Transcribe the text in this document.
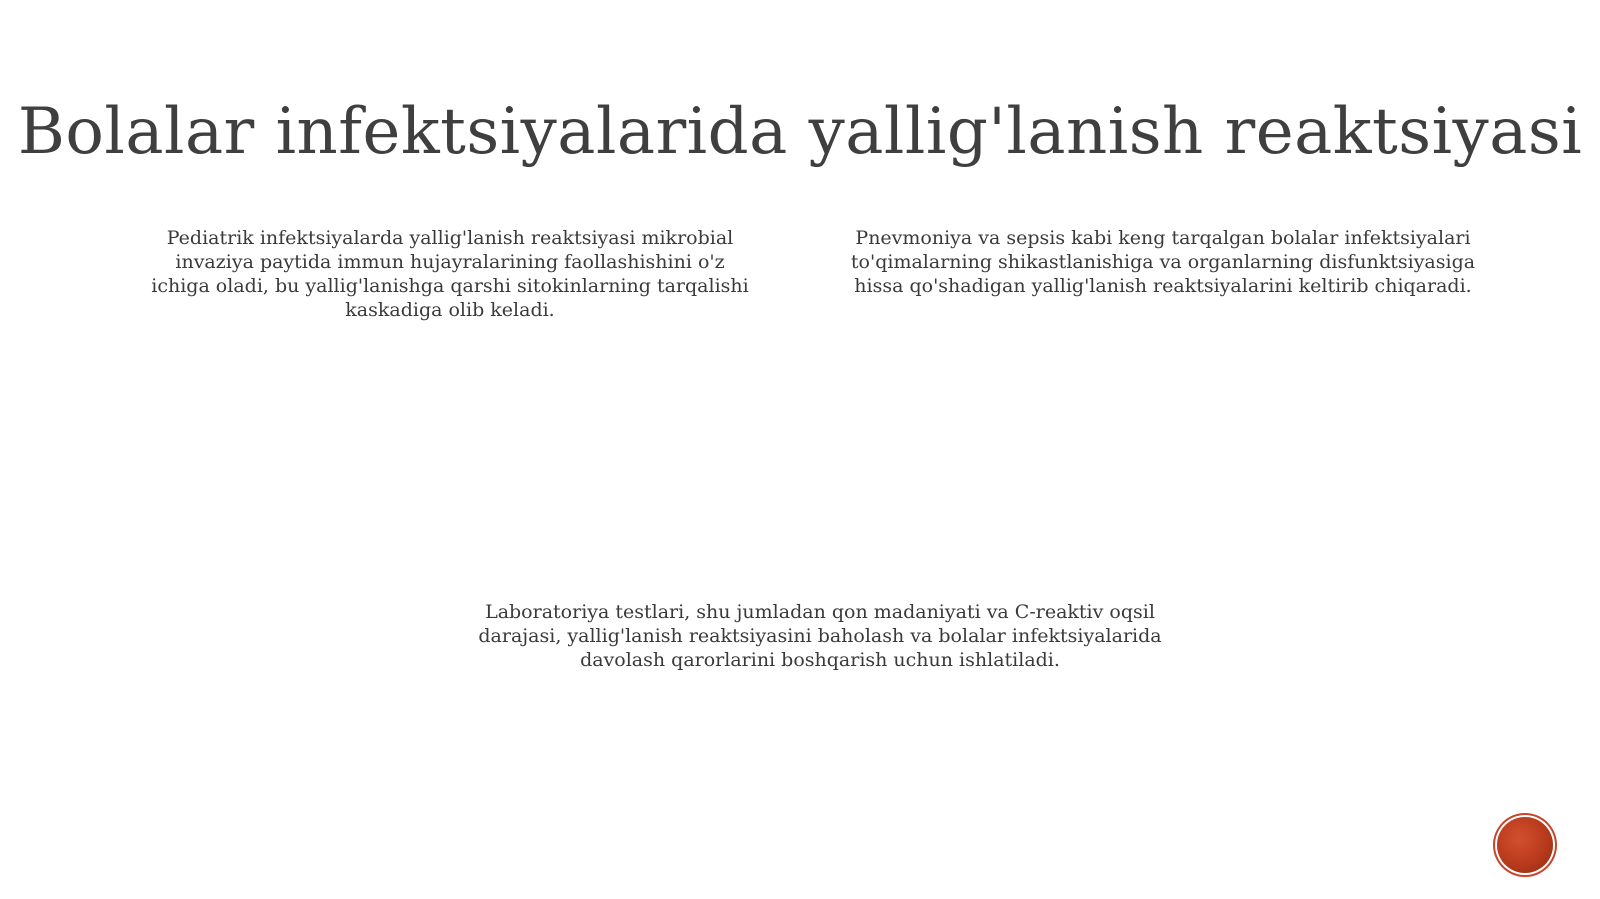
Bolalar infektsiyalarida yallig'lanish reaktsiyasi
Pediatrik infektsiyalarda yallig'lanish reaktsiyasi mikrobial invaziya paytida immun hujayralarining faollashishini o'z ichiga oladi, bu yallig'lanishga qarshi sitokinlarning tarqalishi kaskadiga olib keladi.
Pnevmoniya va sepsis kabi keng tarqalgan bolalar infektsiyalari to'qimalarning shikastlanishiga va organlarning disfunktsiyasiga hissa qo'shadigan yallig'lanish reaktsiyalarini keltirib chiqaradi.
Laboratoriya testlari, shu jumladan qon madaniyati va C-reaktiv oqsil darajasi, yallig'lanish reaktsiyasini baholash va bolalar infektsiyalarida davolash qarorlarini boshqarish uchun ishlatiladi.
